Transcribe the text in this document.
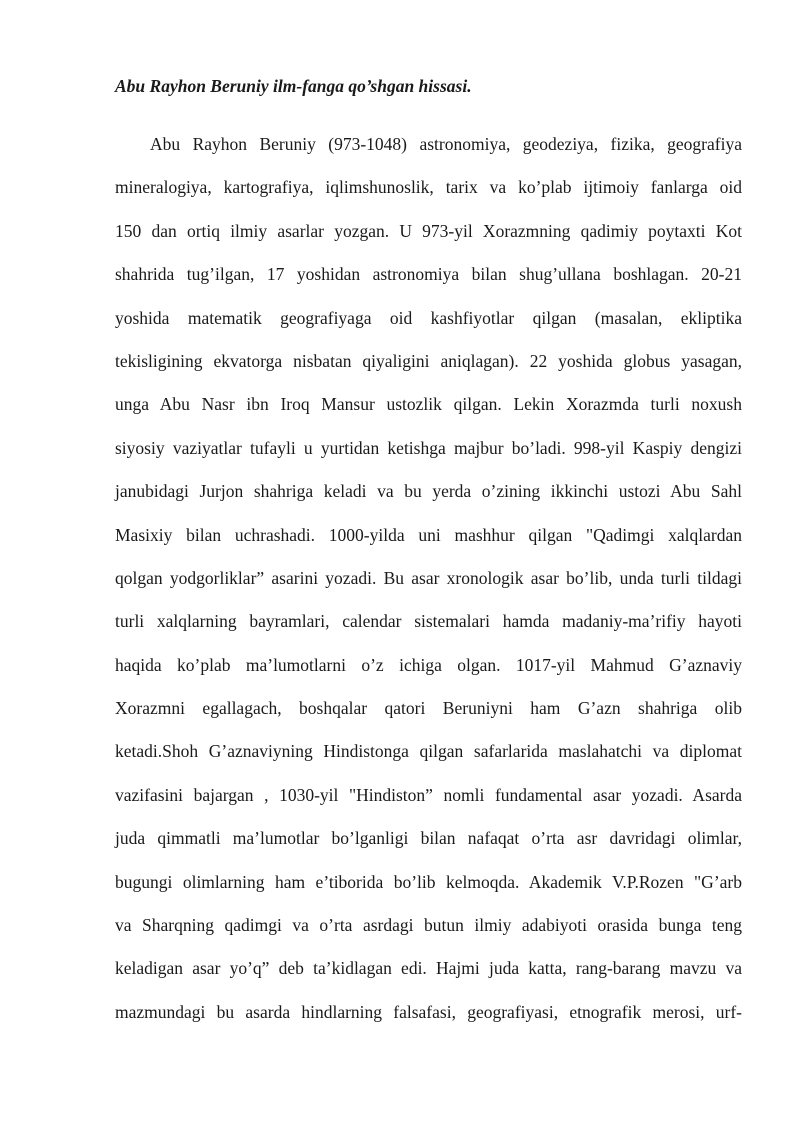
Abu Rayhon Beruniy ilm-fanga qo’shgan hissasi.

Abu Rayhon Beruniy (973-1048) astronomiya, geodeziya, fizika, geografiya
mineralogiya, kartografiya, iqlimshunoslik, tarix va ko’plab ijtimoiy fanlarga oid
150 dan ortiq ilmiy asarlar yozgan. U 973-yil Xorazmning qadimiy poytaxti Kot
shahrida tug’ilgan, 17 yoshidan astronomiya bilan shug’ullana boshlagan. 20-21
yoshida matematik geografiyaga oid kashfiyotlar qilgan (masalan, ekliptika
tekisligining ekvatorga nisbatan qiyaligini aniqlagan). 22 yoshida globus yasagan,
unga Abu Nasr ibn Iroq Mansur ustozlik qilgan. Lekin Xorazmda turli noxush
siyosiy vaziyatlar tufayli u yurtidan ketishga majbur bo’ladi. 998-yil Kaspiy dengizi
janubidagi Jurjon shahriga keladi va bu yerda o’zining ikkinchi ustozi Abu Sahl
Masixiy bilan uchrashadi. 1000-yilda uni mashhur qilgan "Qadimgi xalqlardan
qolgan yodgorliklar” asarini yozadi. Bu asar xronologik asar bo’lib, unda turli tildagi
turli xalqlarning bayramlari, calendar sistemalari hamda madaniy-ma’rifiy hayoti
haqida ko’plab ma’lumotlarni o’z ichiga olgan. 1017-yil Mahmud G’aznaviy
Xorazmni egallagach, boshqalar qatori Beruniyni ham G’azn shahriga olib
ketadi.Shoh G’aznaviyning Hindistonga qilgan safarlarida maslahatchi va diplomat
vazifasini bajargan , 1030-yil "Hindiston” nomli fundamental asar yozadi. Asarda
juda qimmatli ma’lumotlar bo’lganligi bilan nafaqat o’rta asr davridagi olimlar,
bugungi olimlarning ham e’tiborida bo’lib kelmoqda. Akademik V.P.Rozen "G’arb
va Sharqning qadimgi va o’rta asrdagi butun ilmiy adabiyoti orasida bunga teng
keladigan asar yo’q” deb ta’kidlagan edi. Hajmi juda katta, rang-barang mavzu va
mazmundagi bu asarda hindlarning falsafasi, geografiyasi, etnografik merosi, urf-
